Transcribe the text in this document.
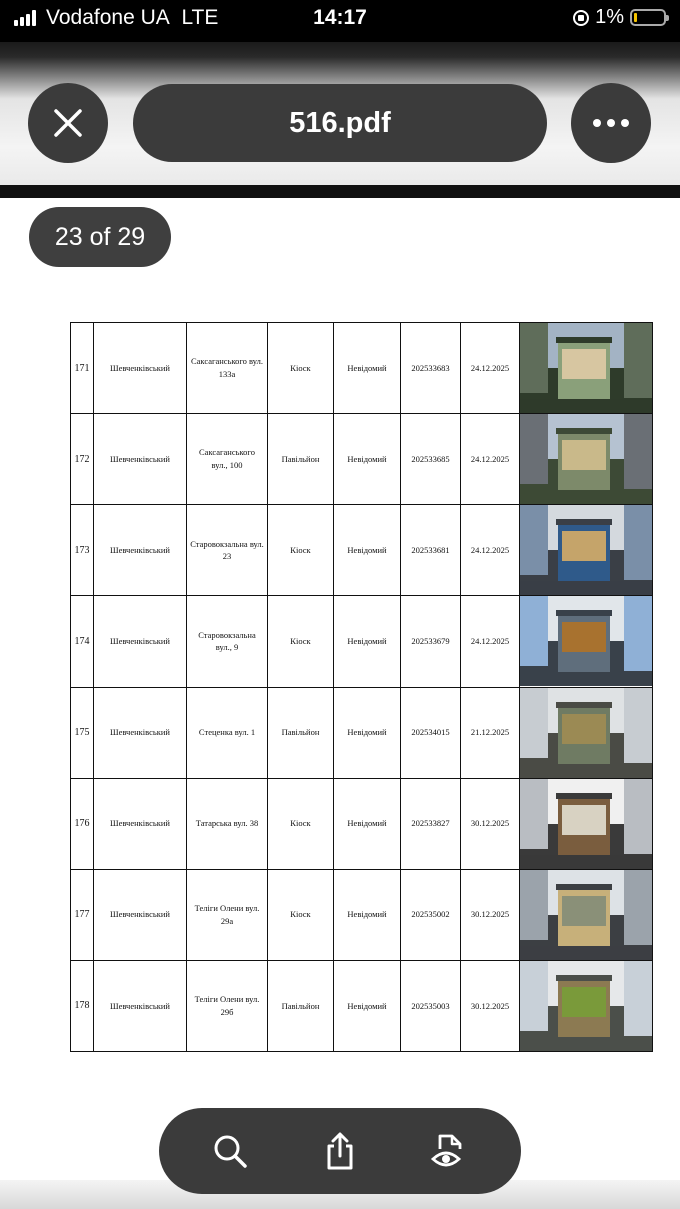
Vodafone UA LTE	14:17	1%
516.pdf
23 of 29
171	Шевченківський	Саксаганського вул. 133а	Кіоск	Невідомий	202533683	24.12.2025	

172	Шевченківський	Саксаганського вул., 100	Павільйон	Невідомий	202533685	24.12.2025	

173	Шевченківський	Старовокзальна вул. 23	Кіоск	Невідомий	202533681	24.12.2025	

174	Шевченківський	Старовокзальна вул., 9	Кіоск	Невідомий	202533679	24.12.2025	

175	Шевченківський	Стеценка вул. 1	Павільйон	Невідомий	202534015	21.12.2025	

176	Шевченківський	Татарська вул. 38	Кіоск	Невідомий	202533827	30.12.2025	

177	Шевченківський	Теліги Олени вул. 29а	Кіоск	Невідомий	202535002	30.12.2025	

178	Шевченківський	Теліги Олени вул. 29б	Павільйон	Невідомий	202535003	30.12.2025	
